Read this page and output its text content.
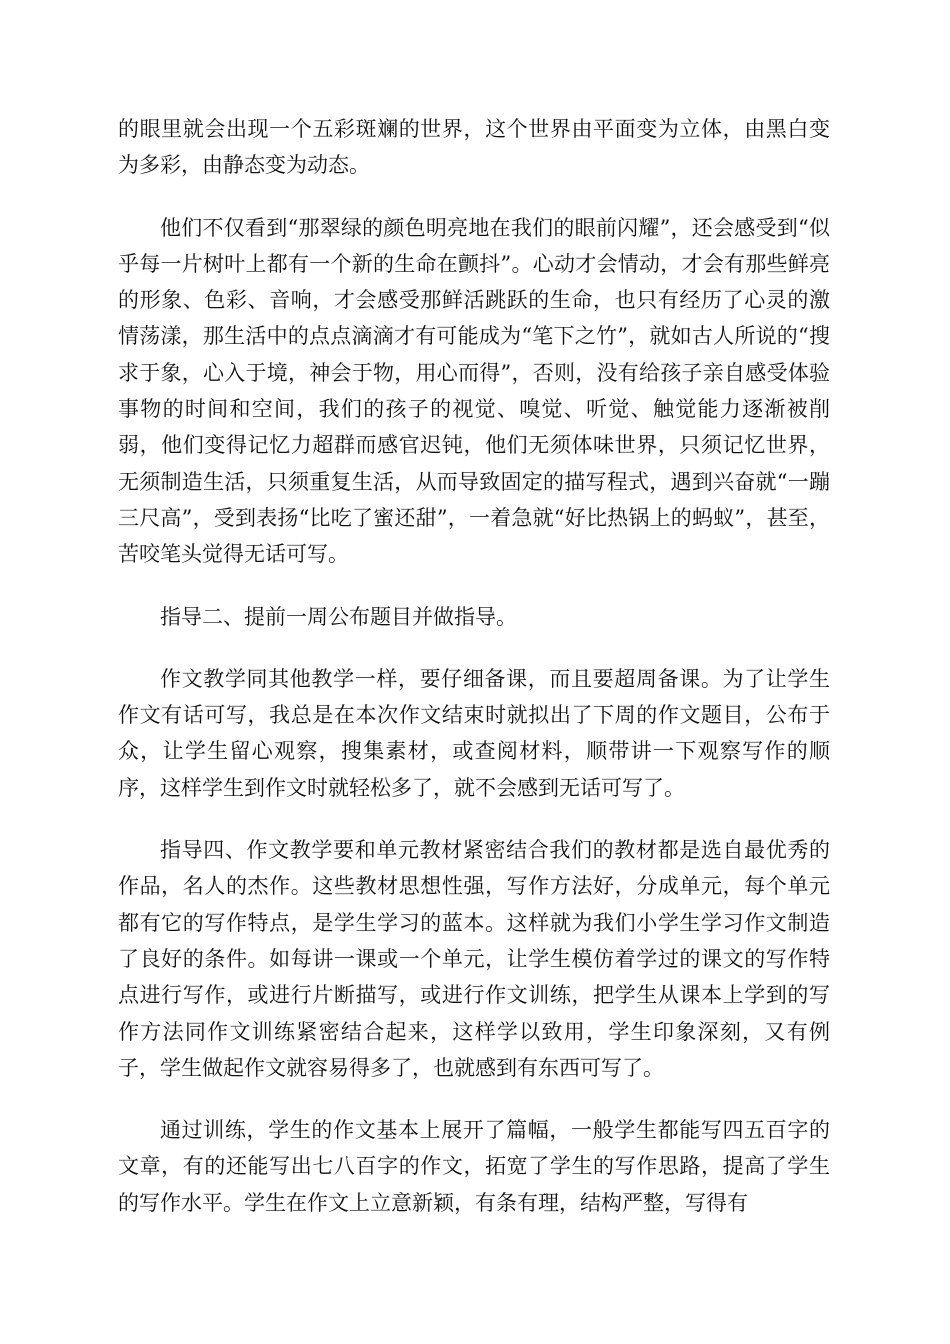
的眼里就会出现一个五彩斑斓的世界，这个世界由平面变为立体，由黑白变为多彩，由静态变为动态。

他们不仅看到“那翠绿的颜色明亮地在我们的眼前闪耀”，还会感受到“似乎每一片树叶上都有一个新的生命在颤抖”。心动才会情动，才会有那些鲜亮的形象、色彩、音响，才会感受那鲜活跳跃的生命，也只有经历了心灵的激情荡漾，那生活中的点点滴滴才有可能成为“笔下之竹”，就如古人所说的“搜求于象，心入于境，神会于物，用心而得”，否则，没有给孩子亲自感受体验事物的时间和空间，我们的孩子的视觉、嗅觉、听觉、触觉能力逐渐被削弱，他们变得记忆力超群而感官迟钝，他们无须体味世界，只须记忆世界，无须制造生活，只须重复生活，从而导致固定的描写程式，遇到兴奋就“一蹦三尺高”，受到表扬“比吃了蜜还甜”，一着急就“好比热锅上的蚂蚁”，甚至，苦咬笔头觉得无话可写。

指导二、提前一周公布题目并做指导。

作文教学同其他教学一样，要仔细备课，而且要超周备课。为了让学生作文有话可写，我总是在本次作文结束时就拟出了下周的作文题目，公布于众，让学生留心观察，搜集素材，或查阅材料，顺带讲一下观察写作的顺序，这样学生到作文时就轻松多了，就不会感到无话可写了。

指导四、作文教学要和单元教材紧密结合我们的教材都是选自最优秀的作品，名人的杰作。这些教材思想性强，写作方法好，分成单元，每个单元都有它的写作特点，是学生学习的蓝本。这样就为我们小学生学习作文制造了良好的条件。如每讲一课或一个单元，让学生模仿着学过的课文的写作特点进行写作，或进行片断描写，或进行作文训练，把学生从课本上学到的写作方法同作文训练紧密结合起来，这样学以致用，学生印象深刻，又有例子，学生做起作文就容易得多了，也就感到有东西可写了。

通过训练，学生的作文基本上展开了篇幅，一般学生都能写四五百字的文章，有的还能写出七八百字的作文，拓宽了学生的写作思路，提高了学生的写作水平。学生在作文上立意新颖，有条有理，结构严整，写得有
